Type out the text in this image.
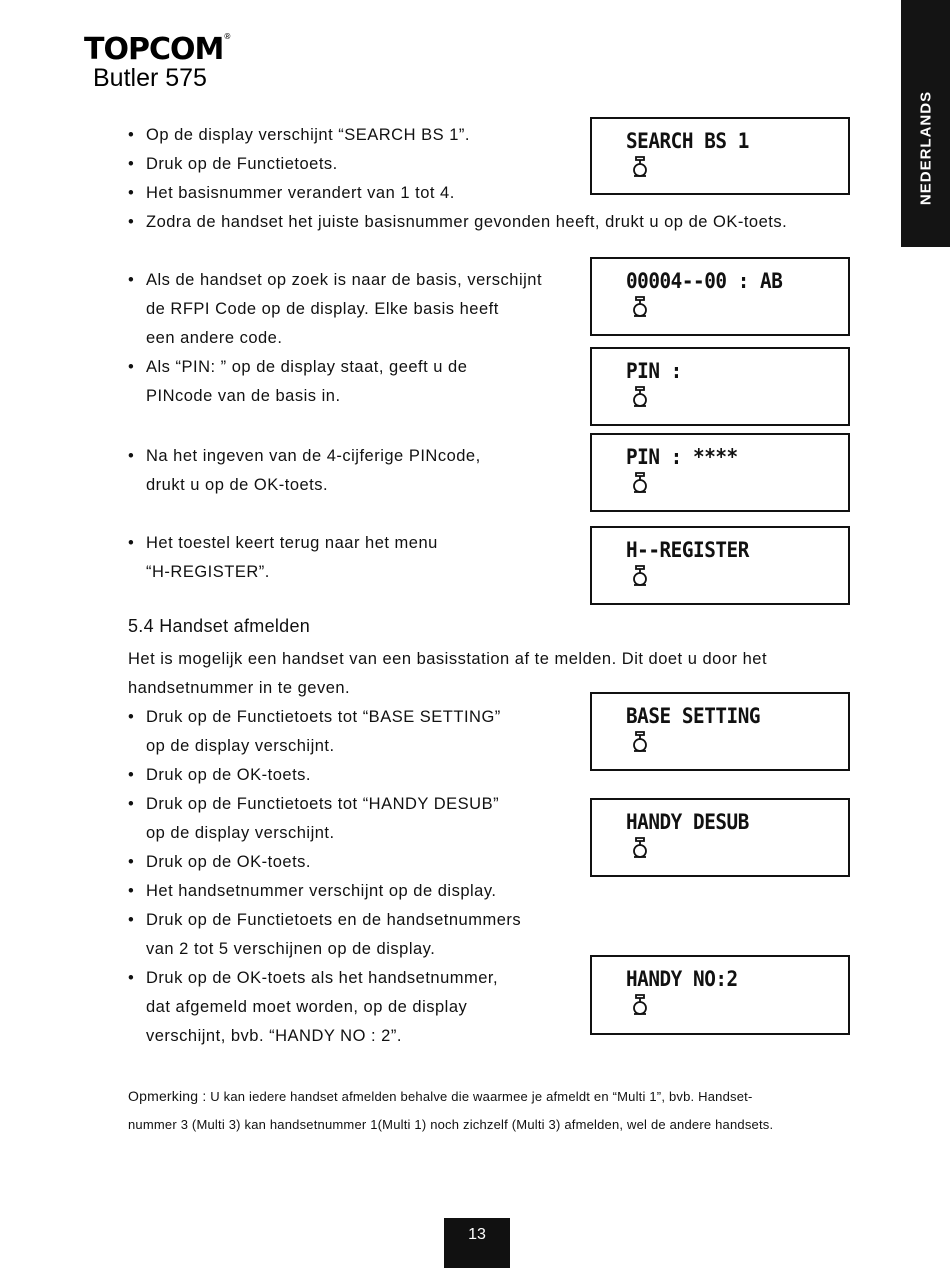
TOPCOM®
Butler 575
NEDERLANDS

• Op de display verschijnt “SEARCH BS 1”.

• Druk op de Functietoets.

• Het basisnummer verandert van 1 tot 4.

• Zodra de handset het juiste basisnummer gevonden heeft, drukt u op de OK-toets.

• Als de handset op zoek is naar de basis, verschijnt

de RFPI Code op de display. Elke basis heeft

een andere code.

• Als “PIN: ” op de display staat, geeft u de

PINcode van de basis in.

• Na het ingeven van de 4-cijferige PINcode,

drukt u op de OK-toets.

• Het toestel keert terug naar het menu

“H-REGISTER”.

5.4 Handset afmelden

Het is mogelijk een handset van een basisstation af te melden. Dit doet u door het

handsetnummer in te geven.

• Druk op de Functietoets tot “BASE SETTING”

op de display verschijnt.

• Druk op de OK-toets.

• Druk op de Functietoets tot “HANDY DESUB”

op de display verschijnt.

• Druk op de OK-toets.

• Het handsetnummer verschijnt op de display.

• Druk op de Functietoets en de handsetnummers

van 2 tot 5 verschijnen op de display.

• Druk op de OK-toets als het handsetnummer,

dat afgemeld moet worden, op de display

verschijnt, bvb. “HANDY NO : 2”.

SEARCH BS 1
00004--00 : AB
PIN :
PIN : ****
H--REGISTER
BASE SETTING
HANDY DESUB
HANDY NO:2
Opmerking : U kan iedere handset afmelden behalve die waarmee je afmeldt en “Multi 1”, bvb. Handset-
nummer 3 (Multi 3) kan handsetnummer 1(Multi 1) noch zichzelf (Multi 3) afmelden, wel de andere handsets.
13
